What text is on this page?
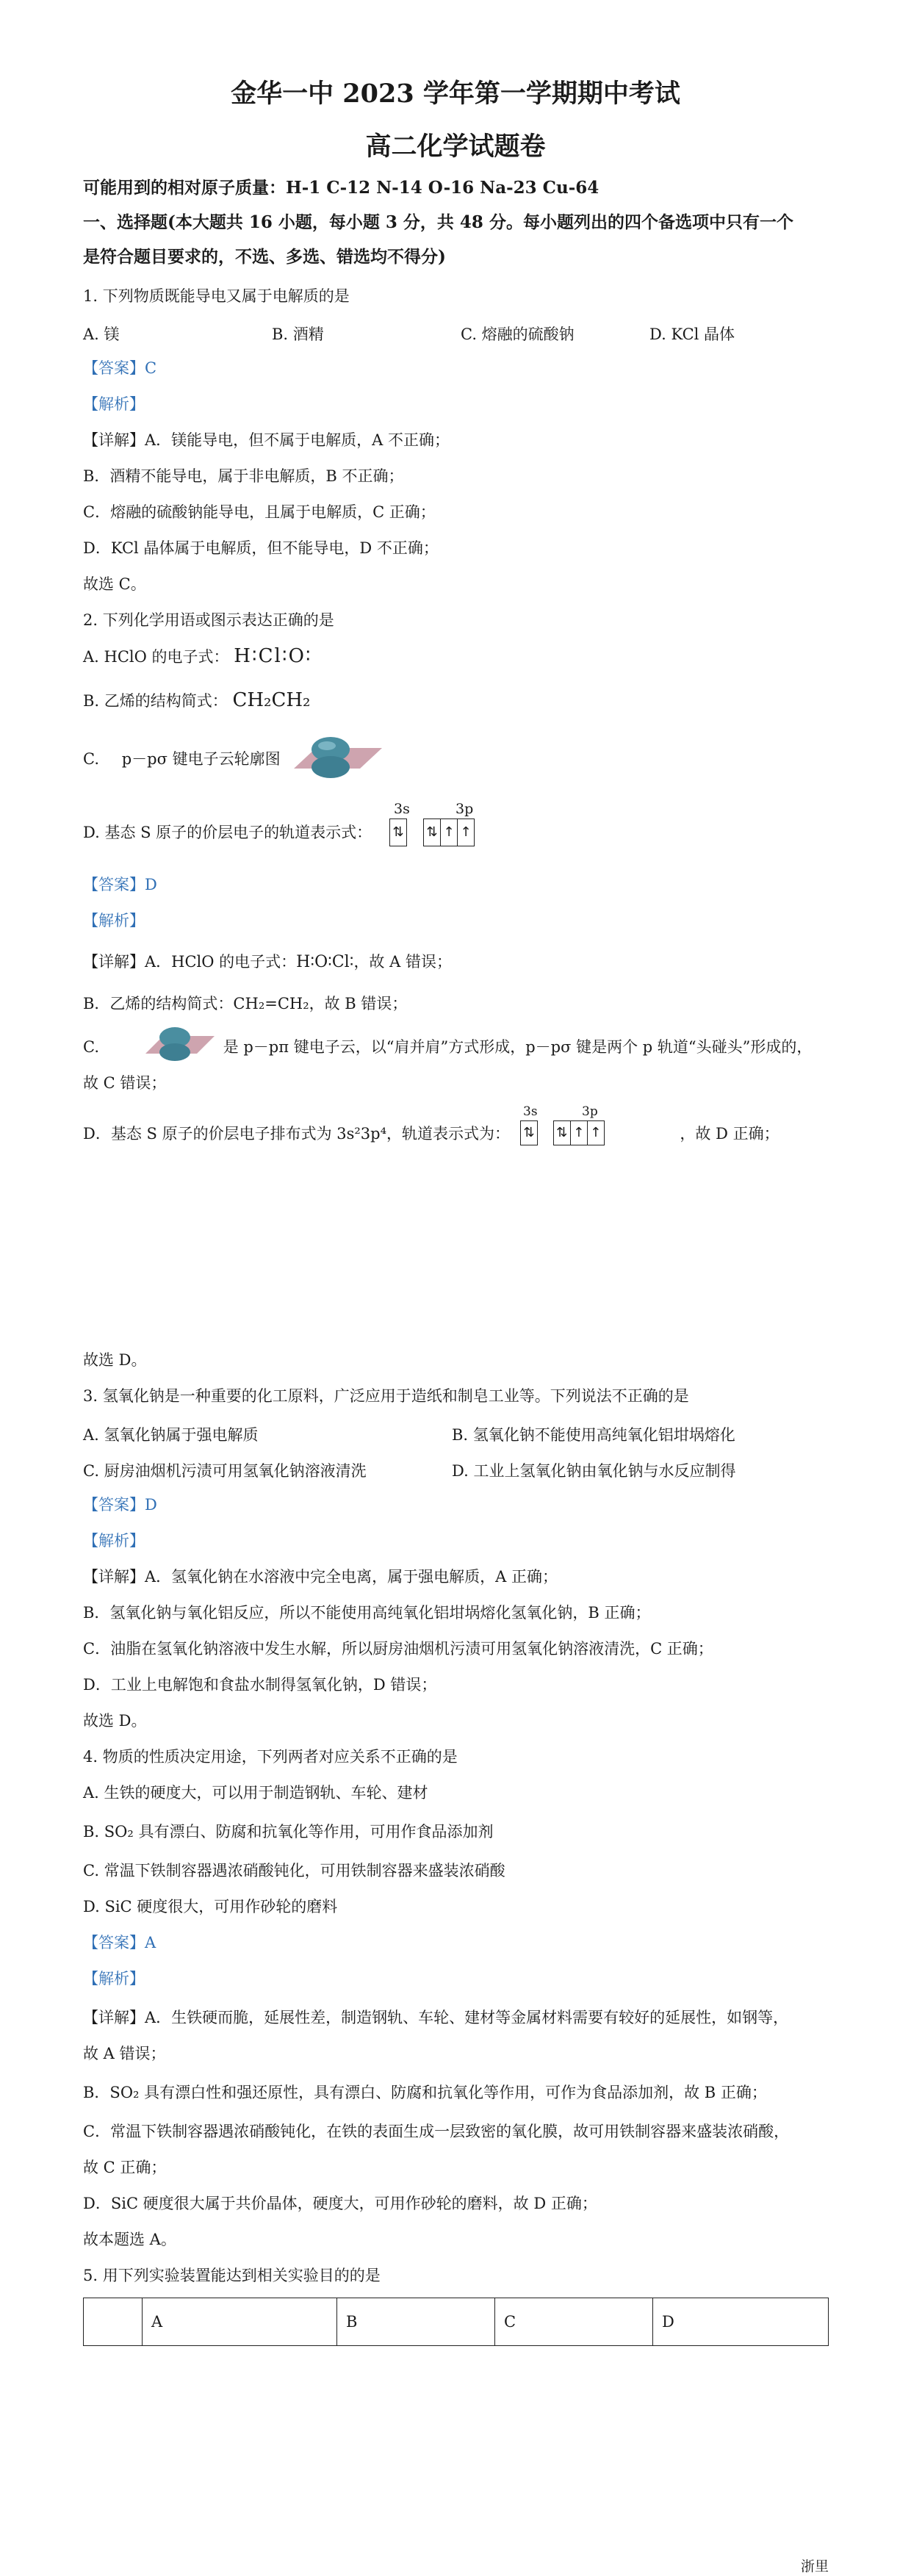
金华一中 2023 学年第一学期期中考试
高二化学试题卷
可能用到的相对原子质量：H-1 C-12 N-14 O-16 Na-23 Cu-64
一、选择题(本大题共 16 小题，每小题 3 分，共 48 分。每小题列出的四个备选项中只有一个
是符合题目要求的，不选、多选、错选均不得分)
1. 下列物质既能导电又属于电解质的是
A. 镁	B. 酒精	C. 熔融的硫酸钠	D. KCl 晶体
【答案】C
【解析】
【详解】A．镁能导电，但不属于电解质，A 不正确；
B．酒精不能导电，属于非电解质，B 不正确；
C．熔融的硫酸钠能导电，且属于电解质，C 正确；
D．KCl 晶体属于电解质，但不能导电，D 不正确；
故选 C。
2. 下列化学用语或图示表达正确的是
A. HClO 的电子式： H∶Cl∶O∶
B. 乙烯的结构简式： CH₂CH₂
C. p－pσ 键电子云轮廓图
D. 基态 S 原子的价层电子的轨道表示式：
3s	3p
⇅ ⇅ ↑ ↑
【答案】D
【解析】
【详解】A．HClO 的电子式：H∶O∶Cl∶，故 A 错误；
B．乙烯的结构简式：CH₂=CH₂，故 B 错误；
C.	是 p－pπ 键电子云，以“肩并肩”方式形成，p－pσ 键是两个 p 轨道“头碰头”形成的，
故 C 错误；
D．基态 S 原子的价层电子排布式为 3s²3p⁴，轨道表示式为：	，故 D 正确；
3s	3p
⇅ ⇅ ↑ ↑
故选 D。
3. 氢氧化钠是一种重要的化工原料，广泛应用于造纸和制皂工业等。下列说法不正确的是
A. 氢氧化钠属于强电解质	B. 氢氧化钠不能使用高纯氧化铝坩埚熔化
C. 厨房油烟机污渍可用氢氧化钠溶液清洗	D. 工业上氢氧化钠由氧化钠与水反应制得
【答案】D
【解析】
【详解】A．氢氧化钠在水溶液中完全电离，属于强电解质，A 正确；
B．氢氧化钠与氧化铝反应，所以不能使用高纯氧化铝坩埚熔化氢氧化钠，B 正确；
C．油脂在氢氧化钠溶液中发生水解，所以厨房油烟机污渍可用氢氧化钠溶液清洗，C 正确；
D．工业上电解饱和食盐水制得氢氧化钠，D 错误；
故选 D。
4. 物质的性质决定用途，下列两者对应关系不正确的是
A. 生铁的硬度大，可以用于制造钢轨、车轮、建材
B. SO₂ 具有漂白、防腐和抗氧化等作用，可用作食品添加剂
C. 常温下铁制容器遇浓硝酸钝化，可用铁制容器来盛装浓硝酸
D. SiC 硬度很大，可用作砂轮的磨料
【答案】A
【解析】
【详解】A．生铁硬而脆，延展性差，制造钢轨、车轮、建材等金属材料需要有较好的延展性，如钢等，
故 A 错误；
B．SO₂ 具有漂白性和强还原性，具有漂白、防腐和抗氧化等作用，可作为食品添加剂，故 B 正确；
C．常温下铁制容器遇浓硝酸钝化，在铁的表面生成一层致密的氧化膜，故可用铁制容器来盛装浓硝酸，
故 C 正确；
D．SiC 硬度很大属于共价晶体，硬度大，可用作砂轮的磨料，故 D 正确；
故本题选 A。
5. 用下列实验装置能达到相关实验目的的是
	A	B	C	D
浙里
